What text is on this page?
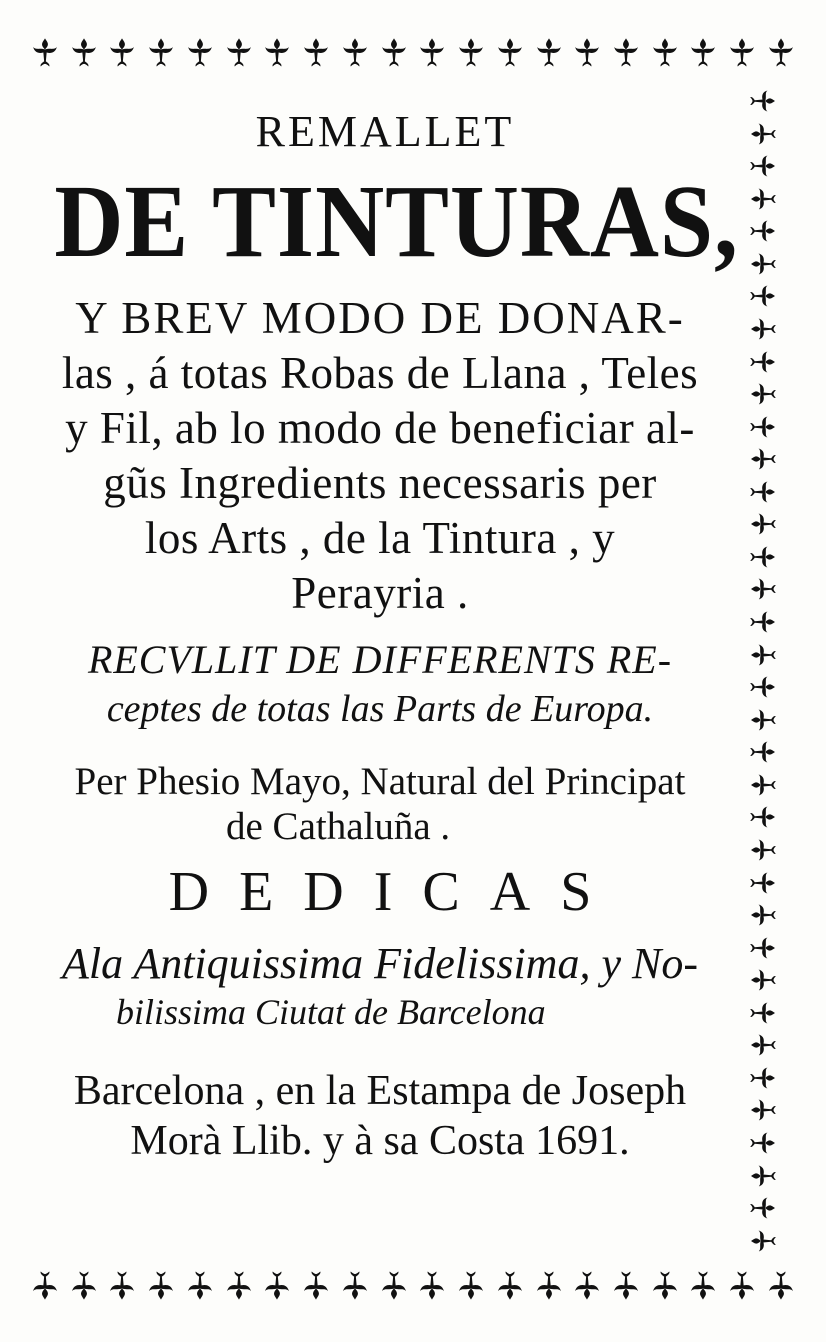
REMALLET
DE TINTURAS,
Y BREV MODO DE DONAR-
las , á totas Robas de Llana , Teles
y Fil, ab lo modo de beneficiar al-
gũs Ingredients necessaris per
los Arts , de la Tintura , y
Perayria .
RECVLLIT DE DIFFERENTS RE-
ceptes de totas las Parts de Europa.
Per Phesio Mayo, Natural del Principat
de Cathaluña .
DEDICAS
Ala Antiquissima Fidelissima, y No-
bilissima Ciutat de Barcelona
Barcelona , en la Estampa de Joseph
Morà Llib. y à sa Costa 1691.
